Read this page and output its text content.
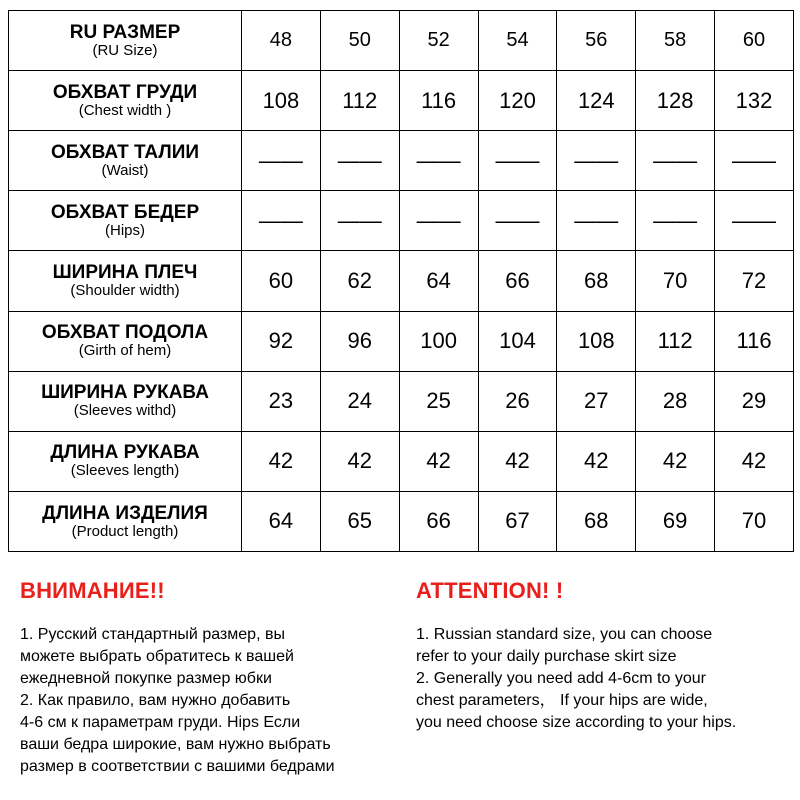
RU РАЗМЕР
(RU Size)	48	50	52	54	56	58	60

ОБХВАТ ГРУДИ
(Chest width )	108	112	116	120	124	128	132

ОБХВАТ ТАЛИИ
(Waist)	——	——	——	——	——	——	——

ОБХВАТ БЕДЕР
(Hips)	——	——	——	——	——	——	——

ШИРИНА ПЛЕЧ
(Shoulder width)	60	62	64	66	68	70	72

ОБХВАТ ПОДОЛА
(Girth of hem)	92	96	100	104	108	112	116

ШИРИНА РУКАВА
(Sleeves withd)	23	24	25	26	27	28	29

ДЛИНА РУКАВА
(Sleeves length)	42	42	42	42	42	42	42

ДЛИНА ИЗДЕЛИЯ
(Product length)	64	65	66	67	68	69	70
ВНИМАНИЕ!!

1. Русский стандартный размер, вы

можете выбрать обратитесь к вашей

ежедневной покупке размер юбки

2. Как правило, вам нужно добавить

4-6 см к параметрам груди. Hips Если

ваши бедра широкие, вам нужно выбрать

размер в соответствии с вашими бедрами

ATTENTION! !

1. Russian standard size, you can choose

refer to your daily purchase skirt size

2. Generally you need add 4-6cm to your

chest parameters， If your hips are wide,

you need choose size according to your hips.
